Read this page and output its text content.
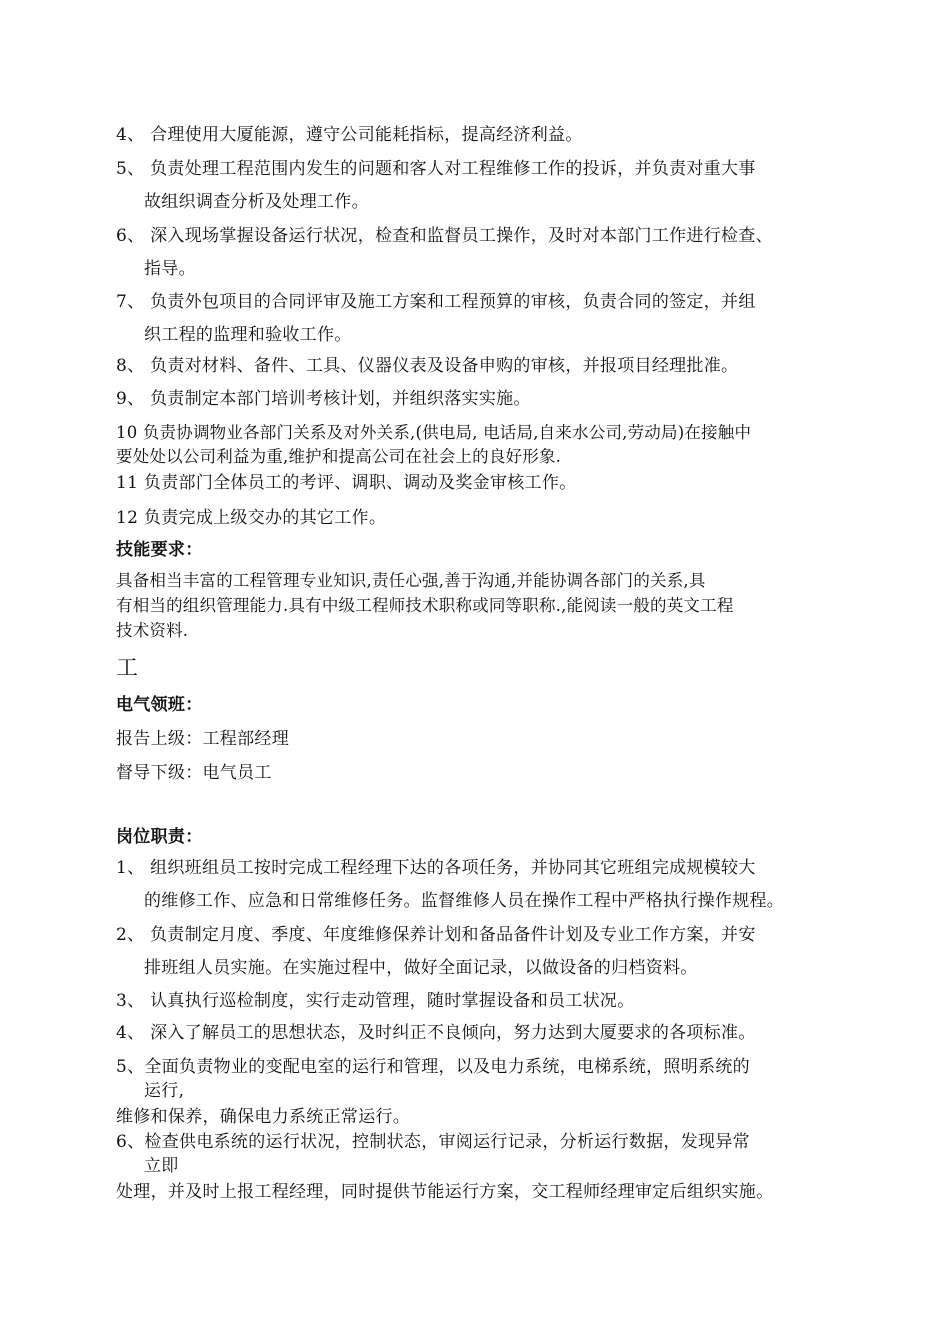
4、 合理使用大厦能源，遵守公司能耗指标，提高经济利益。
5、 负责处理工程范围内发生的问题和客人对工程维修工作的投诉，并负责对重大事
故组织调查分析及处理工作。
6、 深入现场掌握设备运行状况，检查和监督员工操作，及时对本部门工作进行检查、
指导。
7、 负责外包项目的合同评审及施工方案和工程预算的审核，负责合同的签定，并组
织工程的监理和验收工作。
8、 负责对材料、备件、工具、仪器仪表及设备申购的审核，并报项目经理批准。
9、 负责制定本部门培训考核计划，并组织落实实施。
10 负责协调物业各部门关系及对外关系,(供电局, 电话局,自来水公司,劳动局)在接触中
要处处以公司利益为重,维护和提高公司在社会上的良好形象.
11 负责部门全体员工的考评、调职、调动及奖金审核工作。
12 负责完成上级交办的其它工作。
技能要求：
具备相当丰富的工程管理专业知识,责任心强,善于沟通,并能协调各部门的关系,具
有相当的组织管理能力.具有中级工程师技术职称或同等职称.,能阅读一般的英文工程
技术资料.
工
电气领班：
报告上级：工程部经理
督导下级：电气员工
岗位职责：
1、 组织班组员工按时完成工程经理下达的各项任务，并协同其它班组完成规模较大
的维修工作、应急和日常维修任务。监督维修人员在操作工程中严格执行操作规程。
2、 负责制定月度、季度、年度维修保养计划和备品备件计划及专业工作方案，并安
排班组人员实施。在实施过程中，做好全面记录，以做设备的归档资料。
3、 认真执行巡检制度，实行走动管理，随时掌握设备和员工状况。
4、 深入了解员工的思想状态，及时纠正不良倾向，努力达到大厦要求的各项标准。
5、全面负责物业的变配电室的运行和管理，以及电力系统，电梯系统，照明系统的
运行,
维修和保养，确保电力系统正常运行。
6、检查供电系统的运行状况，控制状态，审阅运行记录，分析运行数据，发现异常
立即
处理，并及时上报工程经理，同时提供节能运行方案，交工程师经理审定后组织实施。
